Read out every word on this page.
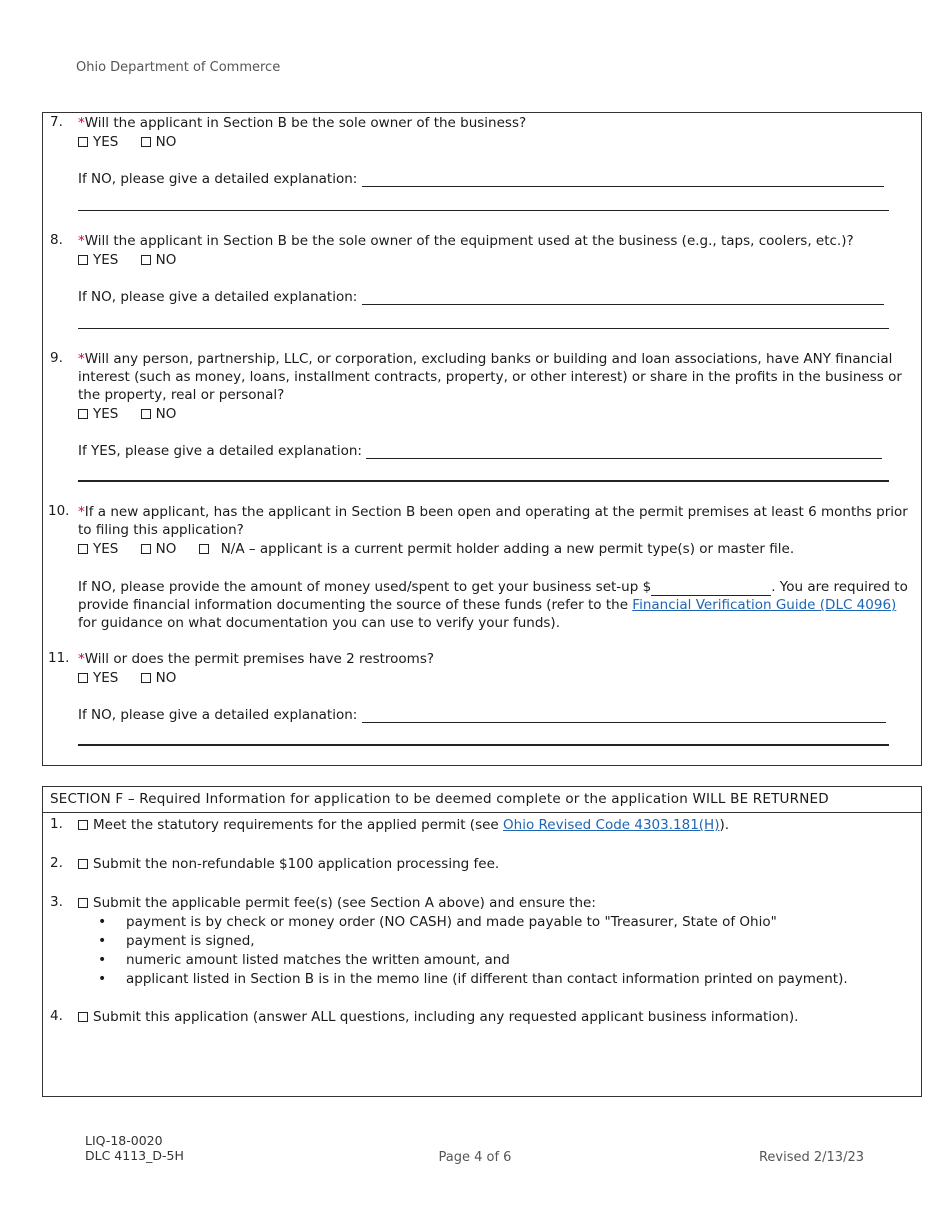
Ohio Department of Commerce
7. *Will the applicant in Section B be the sole owner of the business?
YES	NO
If NO, please give a detailed explanation:
8. *Will the applicant in Section B be the sole owner of the equipment used at the business (e.g., taps, coolers, etc.)?
YES	NO
If NO, please give a detailed explanation:
9. *Will any person, partnership, LLC, or corporation, excluding banks or building and loan associations, have ANY financial interest (such as money, loans, installment contracts, property, or other interest) or share in the profits in the business or the property, real or personal?
YES	NO
If YES, please give a detailed explanation:
10. *If a new applicant, has the applicant in Section B been open and operating at the permit premises at least 6 months prior to filing this application?
YES	NO	N/A – applicant is a current permit holder adding a new permit type(s) or master file.
If NO, please provide the amount of money used/spent to get your business set-up $	. You are required to provide financial information documenting the source of these funds (refer to the Financial Verification Guide (DLC 4096) for guidance on what documentation you can use to verify your funds).
11. *Will or does the permit premises have 2 restrooms?
YES	NO
If NO, please give a detailed explanation:
SECTION F – Required Information for application to be deemed complete or the application WILL BE RETURNED
1.	Meet the statutory requirements for the applied permit (see Ohio Revised Code 4303.181(H)).
2.	Submit the non-refundable $100 application processing fee.
3.	Submit the applicable permit fee(s) (see Section A above) and ensure the:
• payment is by check or money order (NO CASH) and made payable to "Treasurer, State of Ohio"
• payment is signed,
• numeric amount listed matches the written amount, and
• applicant listed in Section B is in the memo line (if different than contact information printed on payment).
4.	Submit this application (answer ALL questions, including any requested applicant business information).
LIQ-18-0020
DLC 4113_D-5H	Page 4 of 6	Revised 2/13/23
